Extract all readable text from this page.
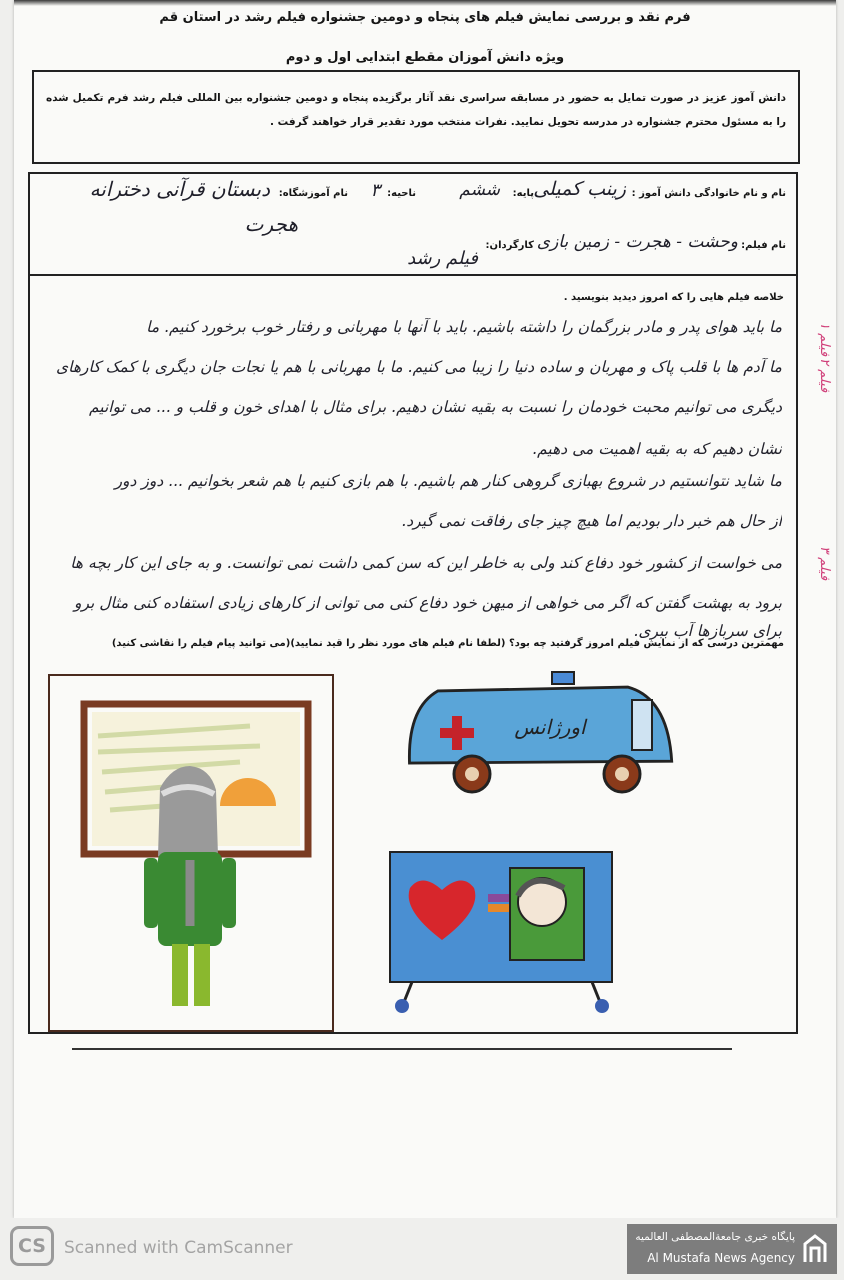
فرم نقد و بررسی نمایش فیلم های پنجاه و دومین جشنواره فیلم رشد در استان قم
ویژه دانش آموزان مقطع ابتدایی اول و دوم
دانش آموز عزیز در صورت تمایل به حضور در مسابقه سراسری نقد آثار برگزیده پنجاه و دومین جشنواره بین المللی فیلم رشد فرم تکمیل شده را به مسئول محترم جشنواره در مدرسه تحویل نمایید. نفرات منتخب مورد تقدیر قرار خواهند گرفت .
نام و نام خانوادگی دانش آموز :
زینب کمیلی
پایه:
ششم
ناحیه:
۳
نام آموزشگاه:
دبستان قرآنی دخترانه
هجرت
نام فیلم:
وحشت - هجرت - زمین بازی
کارگردان:
فیلم رشد
خلاصه فیلم هایی را که امروز دیدید بنویسید .
ما باید هوای پدر و مادر بزرگمان را داشته باشیم. باید با آنها با مهربانی و رفتار خوب برخورد کنیم. ما
ما آدم ها با قلب پاک و مهربان و ساده دنیا را زیبا می کنیم. ما با مهربانی با هم یا نجات جان دیگری با کمک کارهای
دیگری می توانیم محبت خودمان را نسبت به بقیه نشان دهیم. برای مثال با اهدای خون و قلب و ... می توانیم
نشان دهیم که به بقیه اهمیت می دهیم.
ما شاید نتوانستیم در شروع بهبازی گروهی کنار هم باشیم. با هم بازی کنیم با هم شعر بخوانیم ... دوز دور
از حال هم خبر دار بودیم اما هیچ چیز جای رفاقت نمی گیرد.
می خواست از کشور خود دفاع کند ولی به خاطر این که سن کمی داشت نمی توانست. و به جای این کار بچه ها
برود به بهشت گفتن که اگر می خواهی از میهن خود دفاع کنی می توانی از کارهای زیادی استفاده کنی مثال برو
برای سربازها آب ببری.
مهمترین درسی که از نمایش فیلم امروز گرفتید چه بود؟ (لطفا نام فیلم های مورد نظر را قید نمایید)(می توانید پیام فیلم را نقاشی کنید)
اورژانس
فیلم ۱
فیلم ۲
فیلم ۳
CS	Scanned with CamScanner
پایگاه خبری جامعةالمصطفی العالمیه
Al Mustafa News Agency
